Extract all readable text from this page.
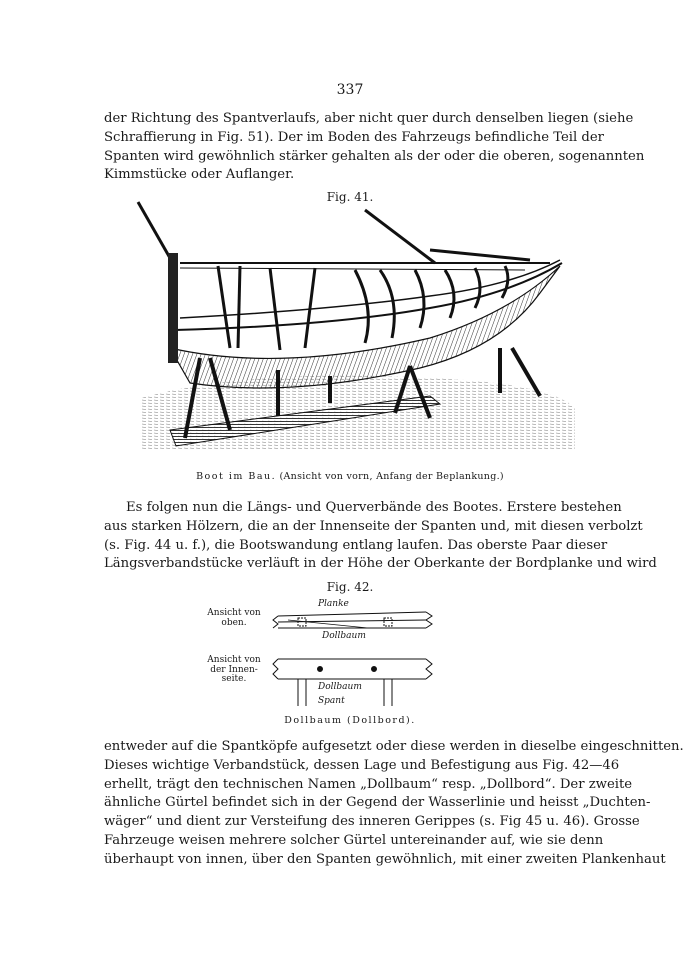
337

der Richtung des Spantverlaufs, aber nicht quer durch denselben liegen (siehe
Schraffierung in Fig. 51). Der im Boden des Fahrzeugs befindliche Teil der
Spanten wird gewöhnlich stärker gehalten als der oder die oberen, sogenannten
Kimmstücke oder Auflanger.

Fig. 41.
Boot im Bau. (Ansicht von vorn, Anfang der Beplankung.)

Es folgen nun die Längs- und Querverbände des Bootes. Erstere bestehen
aus starken Hölzern, die an der Innenseite der Spanten und, mit diesen verbolzt
(s. Fig. 44 u. f.), die Bootswandung entlang laufen. Das oberste Paar dieser
Längsverbandstücke verläuft in der Höhe der Oberkante der Bordplanke und wird

Fig. 42.
Ansicht von
oben.
Ansicht von
der Innen-
seite.
Planke
Dollbaum
Dollbaum
Spant
Dollbaum (Dollbord).

entweder auf die Spantköpfe aufgesetzt oder diese werden in dieselbe eingeschnitten.
Dieses wichtige Verbandstück, dessen Lage und Befestigung aus Fig. 42—46
erhellt, trägt den technischen Namen „Dollbaum“ resp. „Dollbord“. Der zweite
ähnliche Gürtel befindet sich in der Gegend der Wasserlinie und heisst „Duchten-
wäger“ und dient zur Versteifung des inneren Gerippes (s. Fig 45 u. 46). Grosse
Fahrzeuge weisen mehrere solcher Gürtel untereinander auf, wie sie denn
überhaupt von innen, über den Spanten gewöhnlich, mit einer zweiten Plankenhaut
